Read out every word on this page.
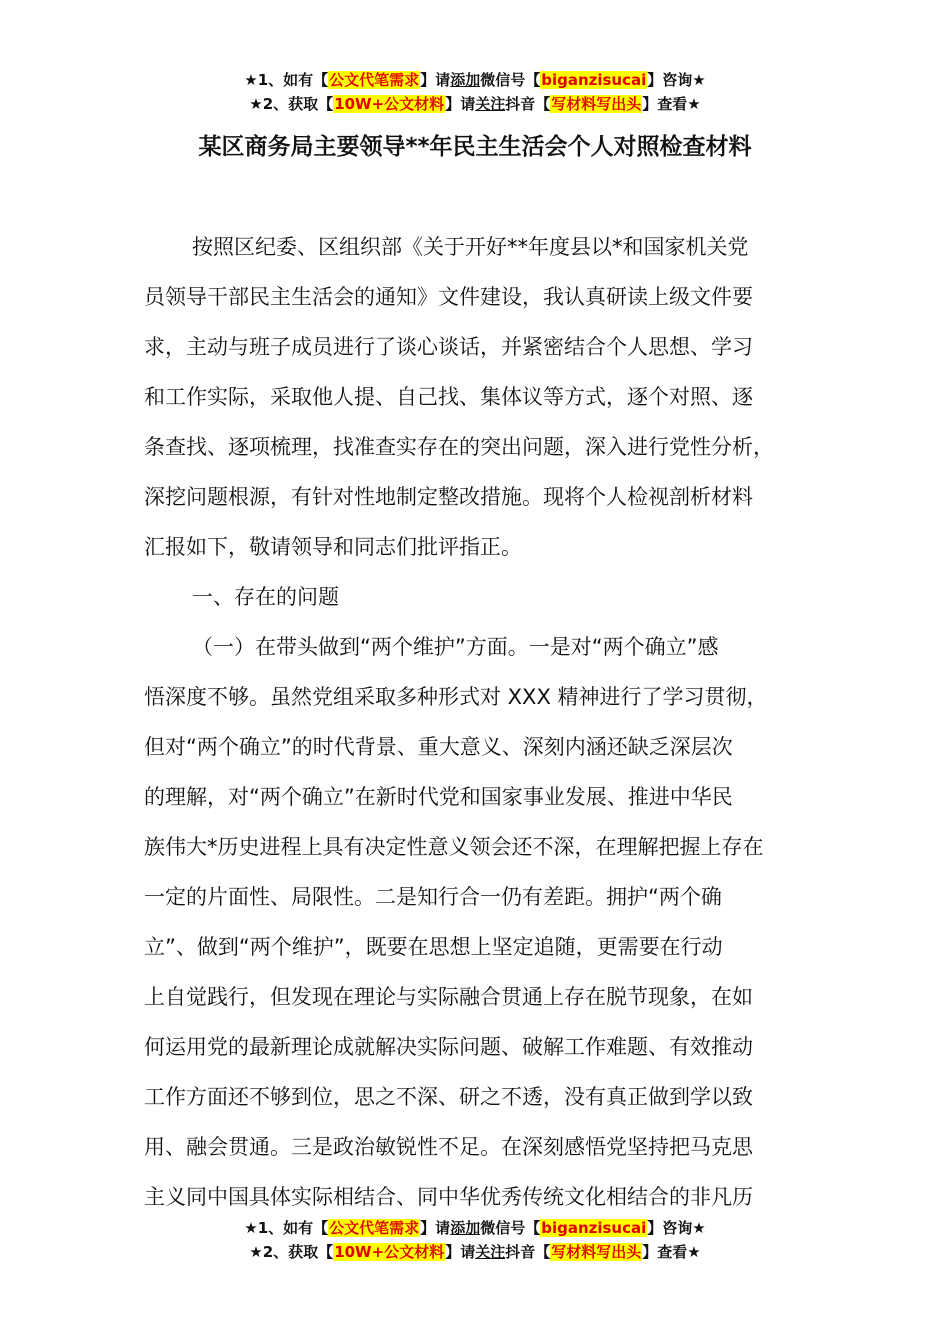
★1、如有【公文代笔需求】请添加微信号【biganzisucai】咨询★
★2、获取【10W+公文材料】请关注抖音【写材料写出头】查看★
某区商务局主要领导**年民主生活会个人对照检查材料
按照区纪委、区组织部《关于开好**年度县以*和国家机关党
员领导干部民主生活会的通知》文件建设，我认真研读上级文件要
求，主动与班子成员进行了谈心谈话，并紧密结合个人思想、学习
和工作实际，采取他人提、自己找、集体议等方式，逐个对照、逐
条查找、逐项梳理，找准查实存在的突出问题，深入进行党性分析，
深挖问题根源，有针对性地制定整改措施。现将个人检视剖析材料
汇报如下，敬请领导和同志们批评指正。
一、存在的问题
（一）在带头做到“两个维护”方面。一是对“两个确立”感
悟深度不够。虽然党组采取多种形式对 XXX 精神进行了学习贯彻，
但对“两个确立”的时代背景、重大意义、深刻内涵还缺乏深层次
的理解，对“两个确立”在新时代党和国家事业发展、推进中华民
族伟大*历史进程上具有决定性意义领会还不深，在理解把握上存在
一定的片面性、局限性。二是知行合一仍有差距。拥护“两个确
立”、做到“两个维护”，既要在思想上坚定追随，更需要在行动
上自觉践行，但发现在理论与实际融合贯通上存在脱节现象，在如
何运用党的最新理论成就解决实际问题、破解工作难题、有效推动
工作方面还不够到位，思之不深、研之不透，没有真正做到学以致
用、融会贯通。三是政治敏锐性不足。在深刻感悟党坚持把马克思
主义同中国具体实际相结合、同中华优秀传统文化相结合的非凡历
★1、如有【公文代笔需求】请添加微信号【biganzisucai】咨询★
★2、获取【10W+公文材料】请关注抖音【写材料写出头】查看★
